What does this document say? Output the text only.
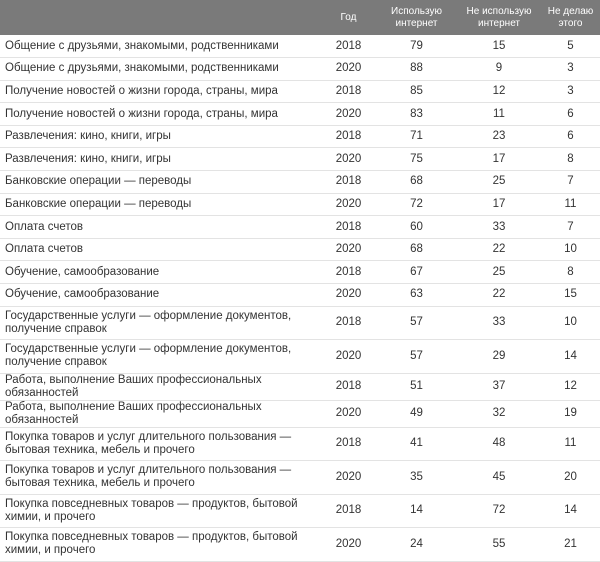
	Год	Использую интернет	Не использую интернет	Не делаю этого
Общение с друзьями, знакомыми, родственниками	2018	79	15	5
Общение с друзьями, знакомыми, родственниками	2020	88	9	3
Получение новостей о жизни города, страны, мира	2018	85	12	3
Получение новостей о жизни города, страны, мира	2020	83	11	6
Развлечения: кино, книги, игры	2018	71	23	6
Развлечения: кино, книги, игры	2020	75	17	8
Банковские операции — переводы	2018	68	25	7
Банковские операции — переводы	2020	72	17	11
Оплата счетов	2018	60	33	7
Оплата счетов	2020	68	22	10
Обучение, самообразование	2018	67	25	8
Обучение, самообразование	2020	63	22	15
Государственные услуги — оформление документов, получение справок	2018	57	33	10
Государственные услуги — оформление документов, получение справок	2020	57	29	14
Работа, выполнение Ваших профессиональных обязанностей	2018	51	37	12
Работа, выполнение Ваших профессиональных обязанностей	2020	49	32	19
Покупка товаров и услуг длительного пользования — бытовая техника, мебель и прочего	2018	41	48	11
Покупка товаров и услуг длительного пользования — бытовая техника, мебель и прочего	2020	35	45	20
Покупка повседневных товаров — продуктов, бытовой химии, и прочего	2018	14	72	14
Покупка повседневных товаров — продуктов, бытовой химии, и прочего	2020	24	55	21
